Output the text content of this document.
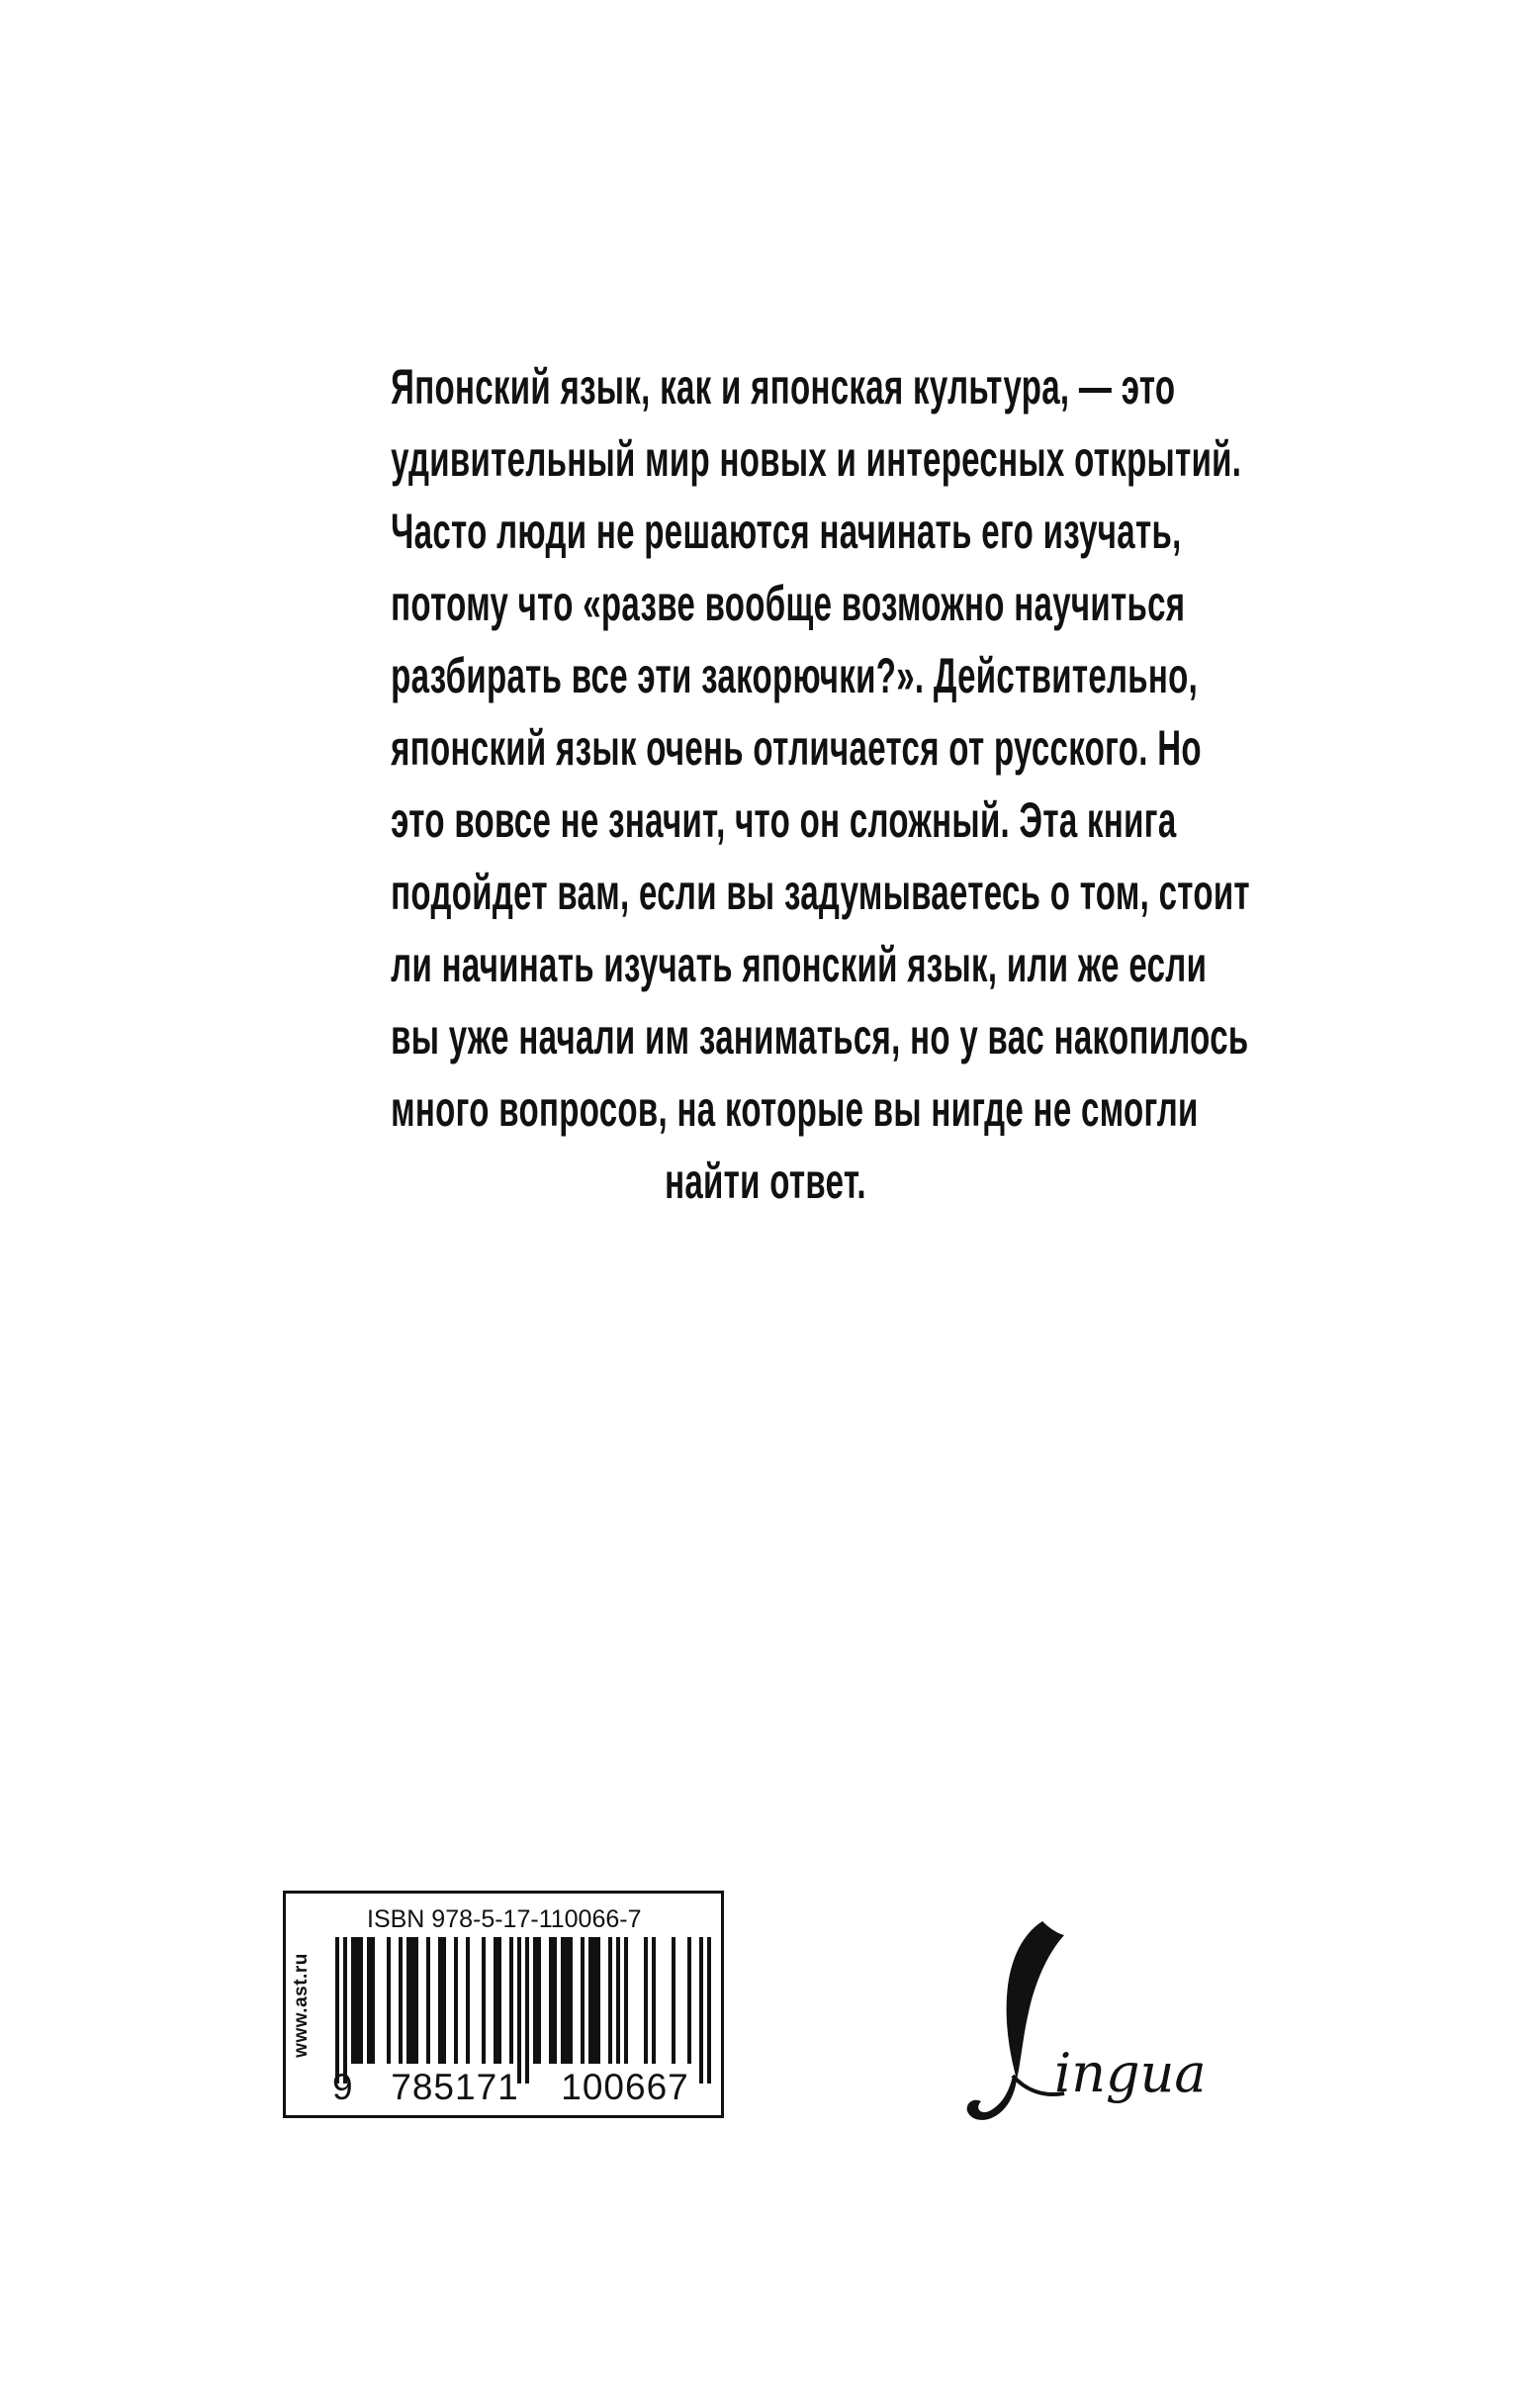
Японский язык, как и японская культура, — это
удивительный мир новых и интересных открытий.
Часто люди не решаются начинать его изучать,
потому что «разве вообще возможно научиться
разбирать все эти закорючки?». Действительно,
японский язык очень отличается от русского. Но
это вовсе не значит, что он сложный. Эта книга
подойдет вам, если вы задумываетесь о том, стоит
ли начинать изучать японский язык, или же если
вы уже начали им заниматься, но у вас накопилось
много вопросов, на которые вы нигде не смогли
найти ответ.
www.ast.ru
ISBN 978-5-17-110066-7
9	785171	100667	ingua
